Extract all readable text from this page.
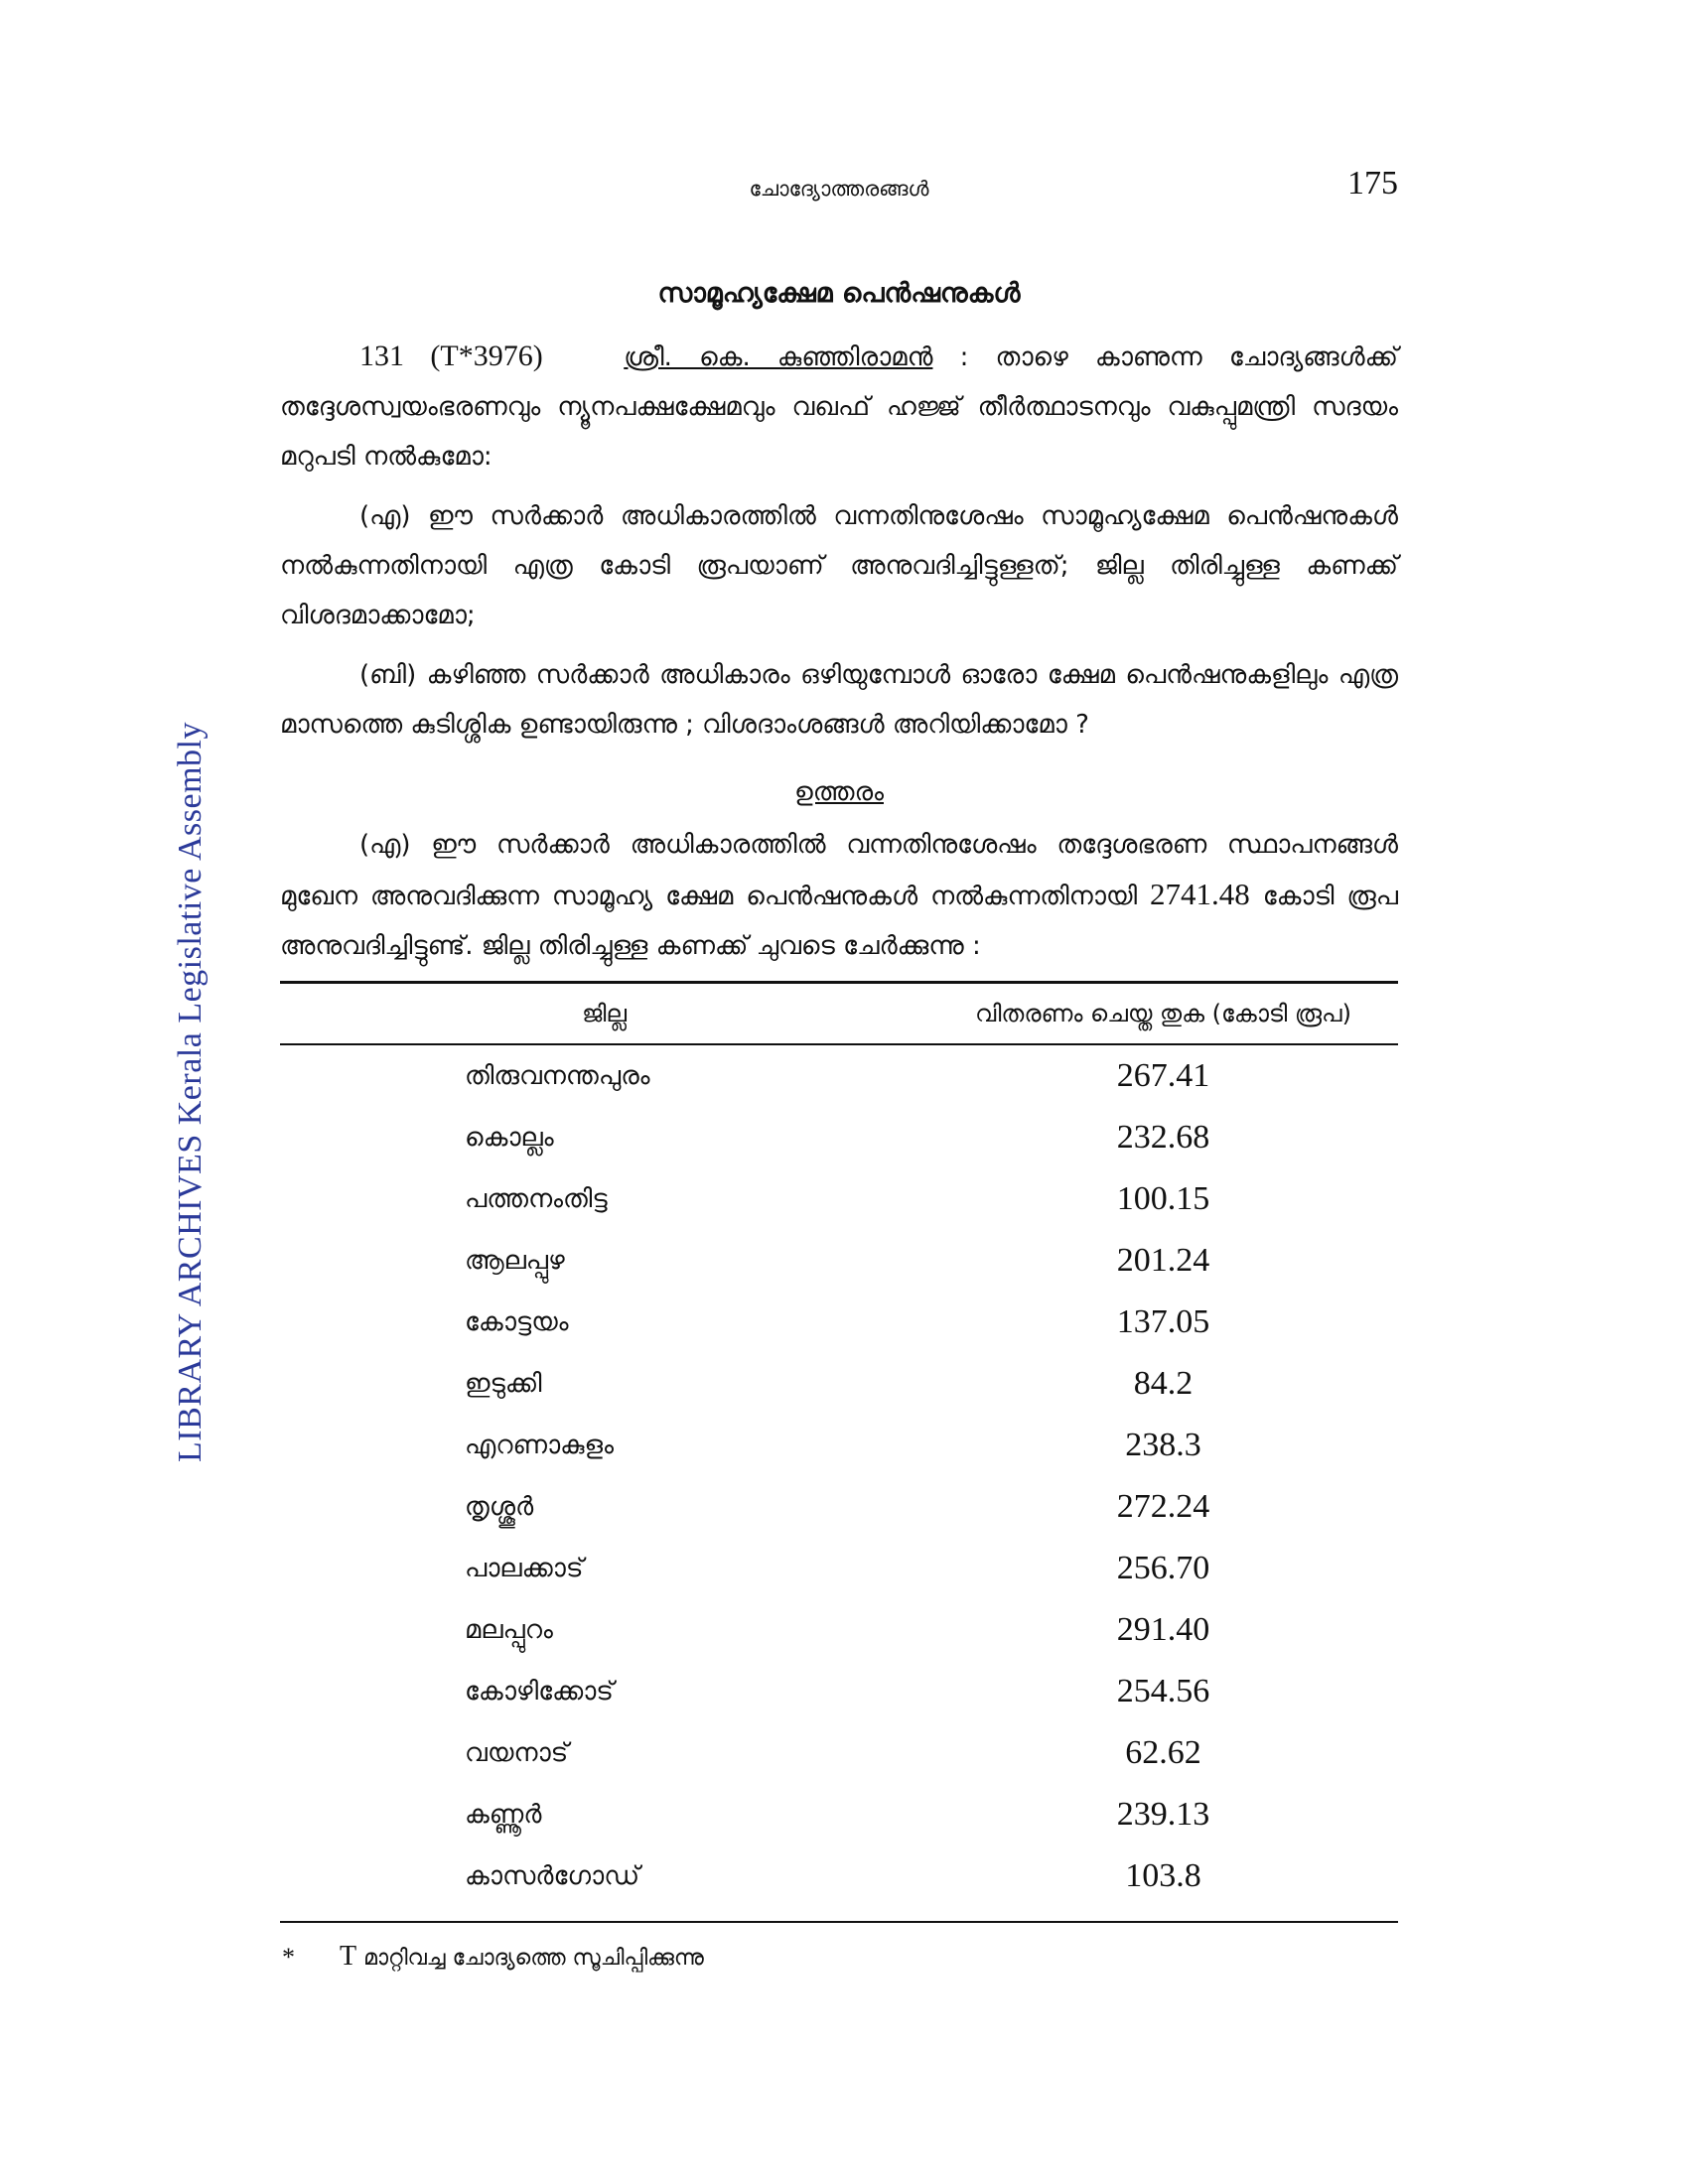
LIBRARY ARCHIVES Kerala Legislative Assembly
ചോദ്യോത്തരങ്ങൾ	175
സാമൂഹ്യക്ഷേമ പെൻഷനുകൾ

131 (T*3976)	ശ്രീ. കെ. കുഞ്ഞിരാമൻ : താഴെ കാണുന്ന ചോദ്യങ്ങൾക്ക് തദ്ദേശസ്വയംഭരണവും ന്യൂനപക്ഷക്ഷേമവും വഖഫ് ഹജ്ജ് തീർത്ഥാടനവും വകുപ്പുമന്ത്രി സദയം മറുപടി നൽകുമോ:

(എ) ഈ സർക്കാർ അധികാരത്തിൽ വന്നതിനുശേഷം സാമൂഹ്യക്ഷേമ പെൻഷനുകൾ നൽകുന്നതിനായി എത്ര കോടി രൂപയാണ് അനുവദിച്ചിട്ടുള്ളത്; ജില്ല തിരിച്ചുള്ള കണക്ക് വിശദമാക്കാമോ;

(ബി) കഴിഞ്ഞ സർക്കാർ അധികാരം ഒഴിയുമ്പോൾ ഓരോ ക്ഷേമ പെൻഷനുകളിലും എത്ര മാസത്തെ കുടിശ്ശിക ഉണ്ടായിരുന്നു ; വിശദാംശങ്ങൾ അറിയിക്കാമോ ?

ഉത്തരം

(എ) ഈ സർക്കാർ അധികാരത്തിൽ വന്നതിനുശേഷം തദ്ദേശഭരണ സ്ഥാപനങ്ങൾ മുഖേന അനുവദിക്കുന്ന സാമൂഹ്യ ക്ഷേമ പെൻഷനുകൾ നൽകുന്നതിനായി 2741.48 കോടി രൂപ അനുവദിച്ചിട്ടുണ്ട്. ജില്ല തിരിച്ചുള്ള കണക്ക് ചുവടെ ചേർക്കുന്നു :

ജില്ല	വിതരണം ചെയ്ത തുക (കോടി രൂപ)
തിരുവനന്തപുരം	267.41
കൊല്ലം	232.68
പത്തനംതിട്ട	100.15
ആലപ്പുഴ	201.24
കോട്ടയം	137.05
ഇടുക്കി	84.2
എറണാകുളം	238.3
തൃശ്ശൂർ	272.24
പാലക്കാട്	256.70
മലപ്പുറം	291.40
കോഴിക്കോട്	254.56
വയനാട്	62.62
കണ്ണൂർ	239.13
കാസർഗോഡ്	103.8
* T മാറ്റിവച്ച ചോദ്യത്തെ സൂചിപ്പിക്കുന്നു
